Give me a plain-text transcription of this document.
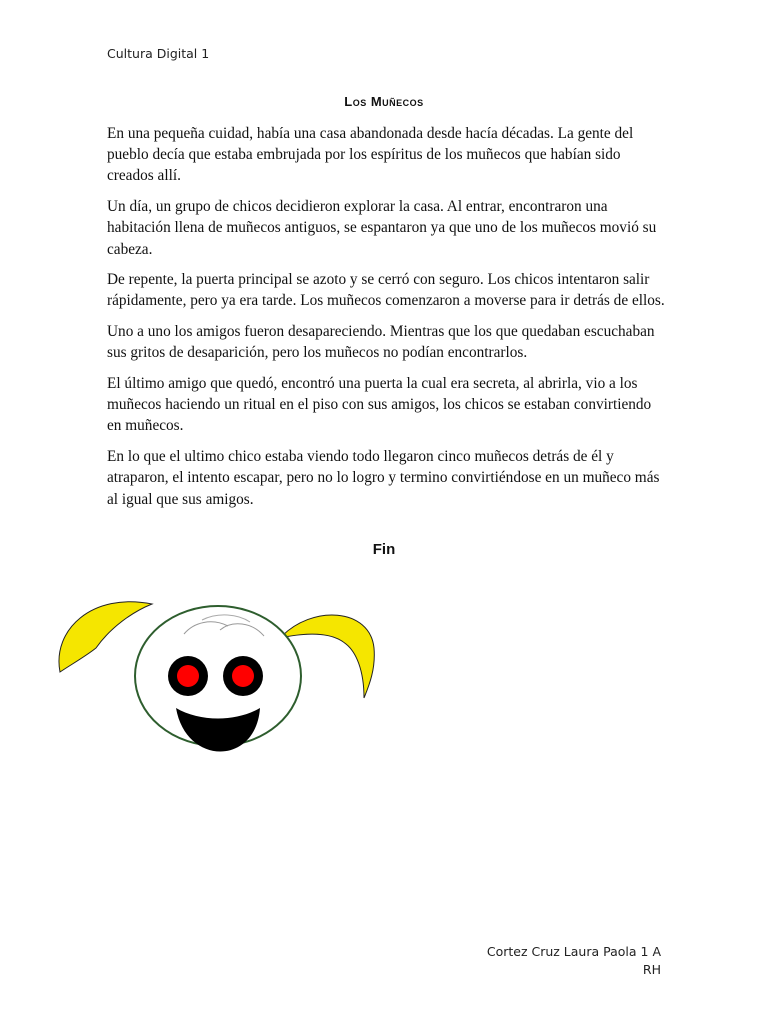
Cultura Digital 1
Los Muñecos

En una pequeña cuidad, había una casa abandonada desde hacía décadas. La gente del pueblo decía que estaba embrujada por los espíritus de los muñecos que habían sido creados allí.

Un día, un grupo de chicos decidieron explorar la casa. Al entrar, encontraron una habitación llena de muñecos antiguos, se espantaron ya que uno de los muñecos movió su cabeza.

De repente, la puerta principal se azoto y se cerró con seguro. Los chicos intentaron salir rápidamente, pero ya era tarde. Los muñecos comenzaron a moverse para ir detrás de ellos.

Uno a uno los amigos fueron desapareciendo. Mientras que los que quedaban escuchaban sus gritos de desaparición, pero los muñecos no podían encontrarlos.

El último amigo que quedó, encontró una puerta la cual era secreta, al abrirla, vio a los muñecos haciendo un ritual en el piso con sus amigos, los chicos se estaban convirtiendo en muñecos.

En lo que el ultimo chico estaba viendo todo llegaron cinco muñecos detrás de él y atraparon, el intento escapar, pero no lo logro y termino convirtiéndose en un muñeco más al igual que sus amigos.

Fin
Cortez Cruz Laura Paola 1 A
RH
